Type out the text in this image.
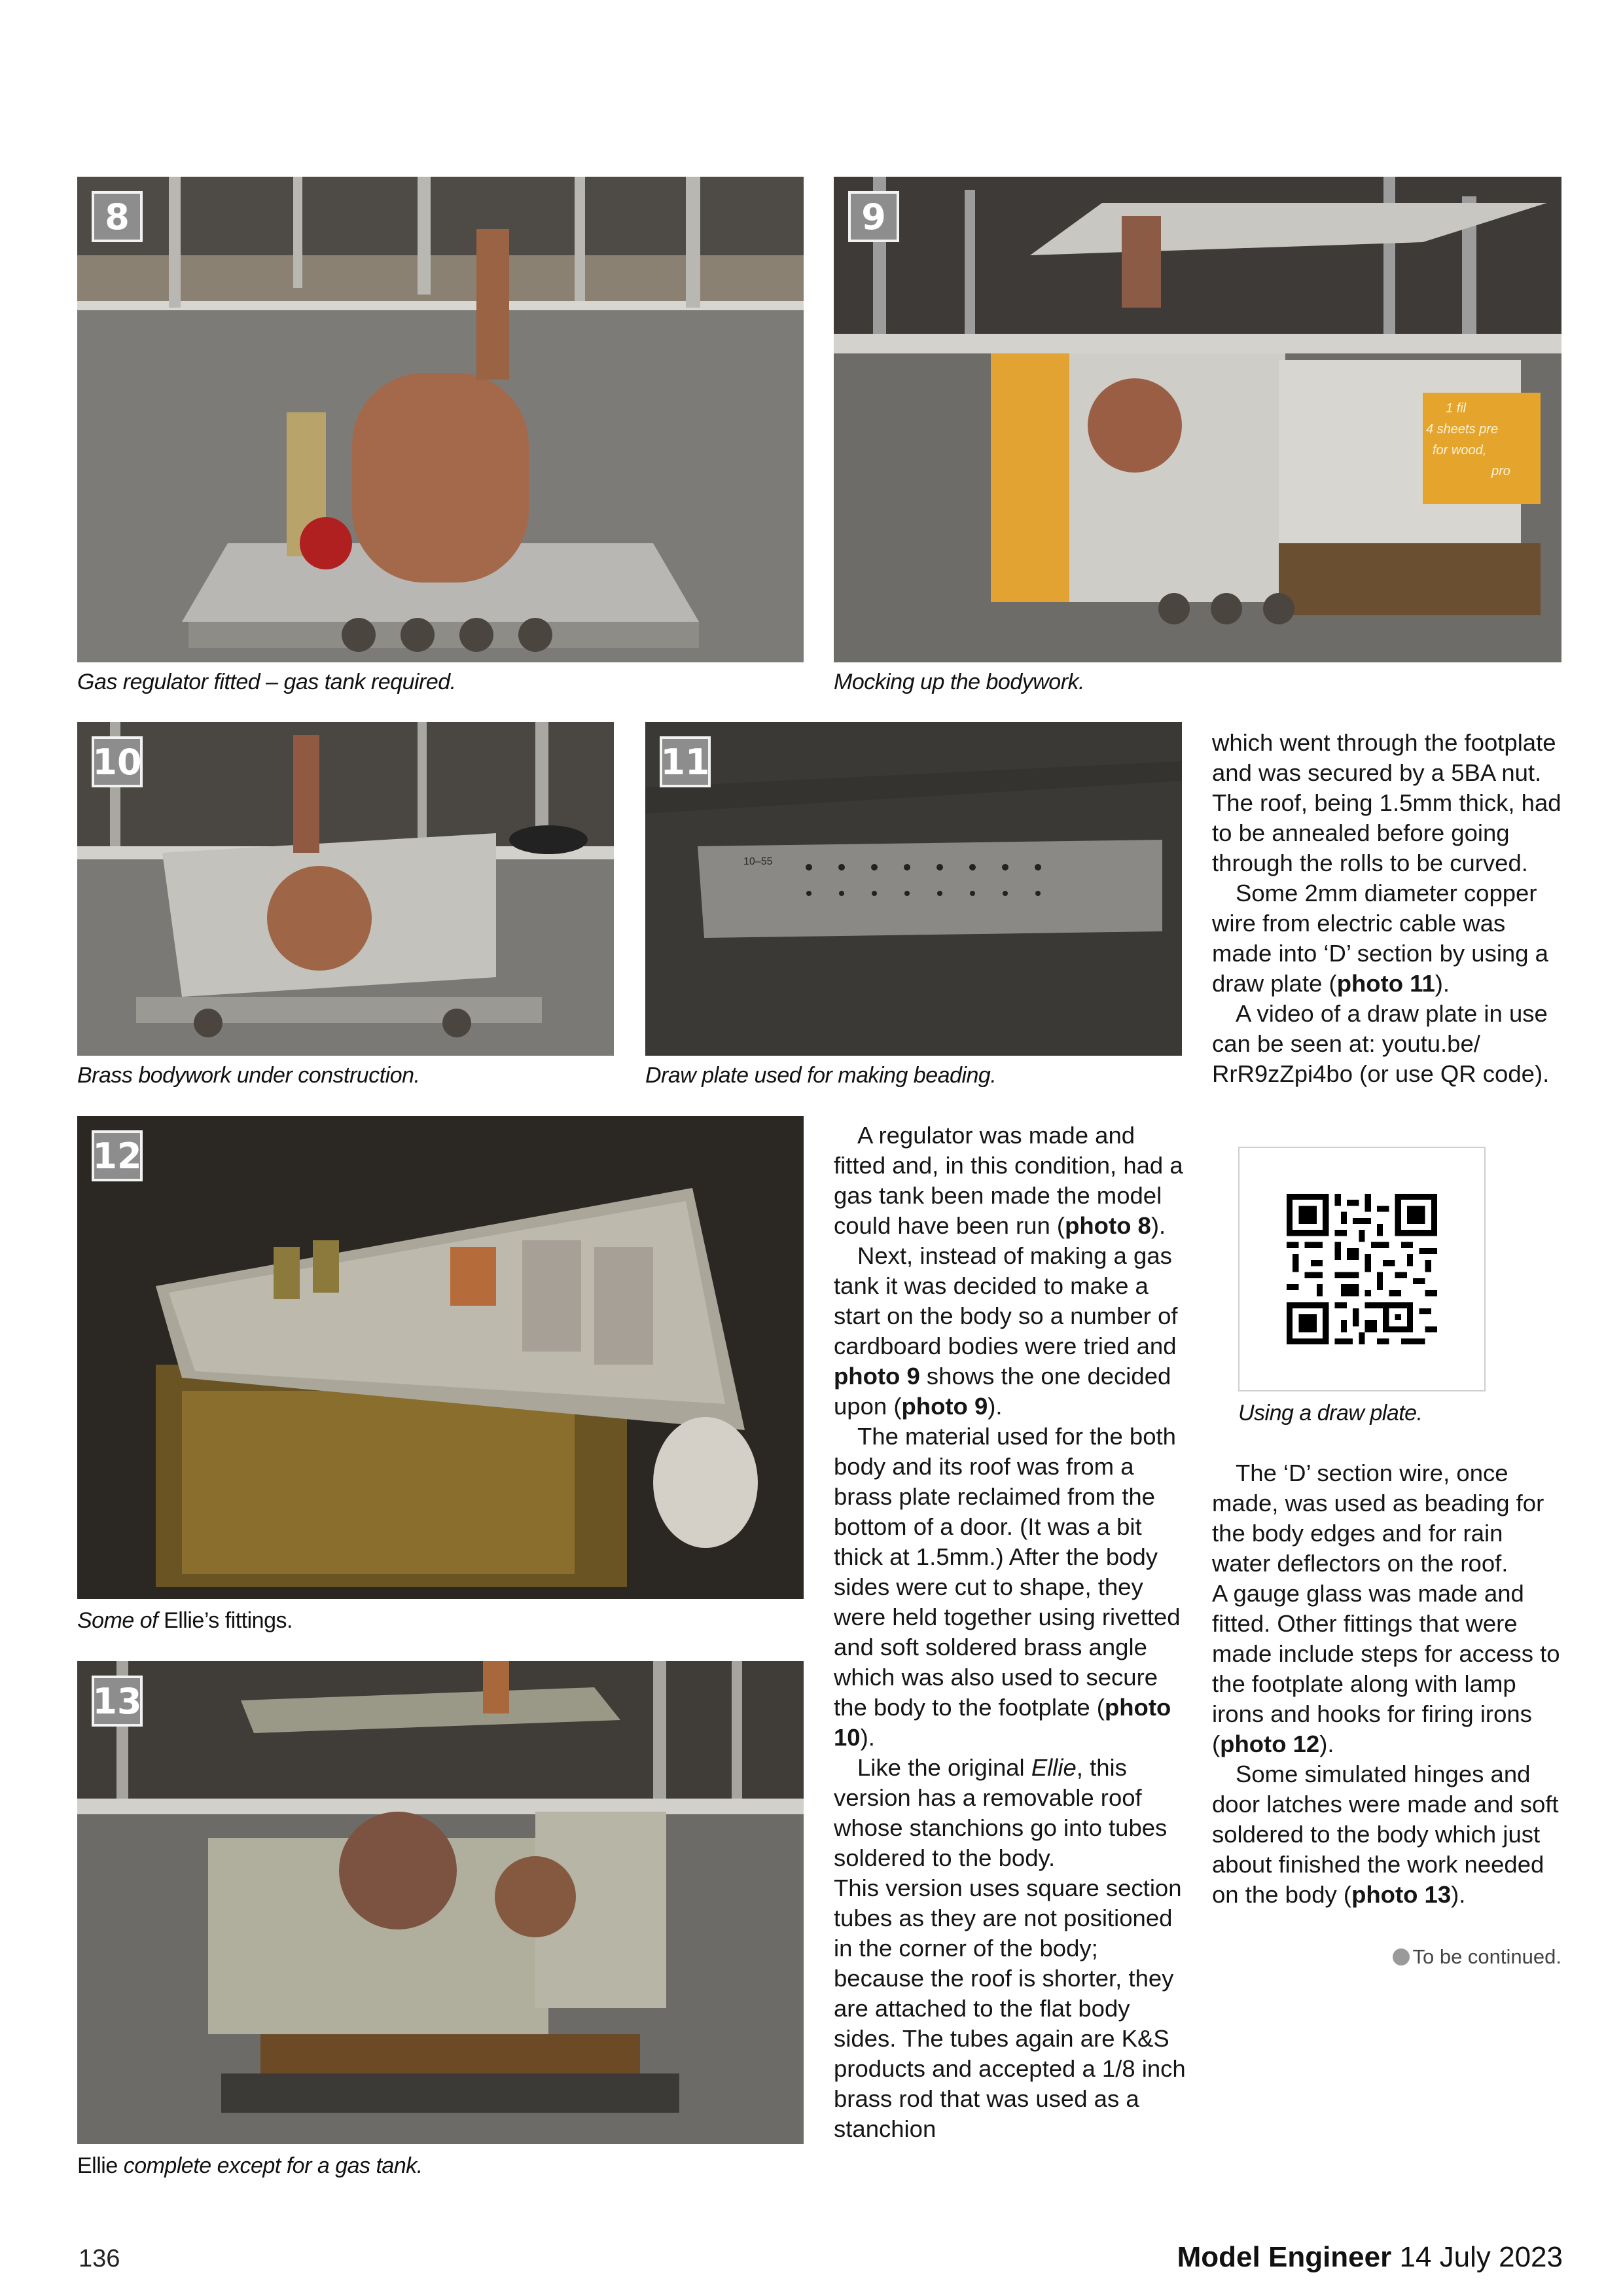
8
Gas regulator fitted – gas tank required.
1 fil
4 sheets pre
for wood,
pro
9
Mocking up the bodywork.
10
Brass bodywork under construction.
10–55
11
Draw plate used for making beading.
12
Some of Ellie’s fittings.
13
Ellie complete except for a gas tank.

A regulator was made and fitted and, in this condition, had a gas tank been made the model could have been run (photo 8).

Next, instead of making a gas tank it was decided to make a start on the body so a number of cardboard bodies were tried and photo 9 shows the one decided upon (photo 9).

The material used for the both body and its roof was from a brass plate reclaimed from the bottom of a door. (It was a bit thick at 1.5mm.) After the body sides were cut to shape, they were held together using rivetted and soft soldered brass angle which was also used to secure the body to the footplate (photo 10).

Like the original Ellie, this version has a removable roof whose stanchions go into tubes soldered to the body.

This version uses square section tubes as they are not positioned in the corner of the body; because the roof is shorter, they are attached to the flat body sides. The tubes again are K&S products and accepted a 1/8 inch brass rod that was used as a stanchion

which went through the footplate and was secured by a 5BA nut. The roof, being 1.5mm thick, had to be annealed before going through the rolls to be curved.

Some 2mm diameter copper wire from electric cable was made into ‘D’ section by using a draw plate (photo 11).

A video of a draw plate in use can be seen at: youtu.be/ RrR9zZpi4bo (or use QR code).

Using a draw plate.

The ‘D’ section wire, once made, was used as beading for the body edges and for rain water deflectors on the roof.

A gauge glass was made and fitted. Other fittings that were made include steps for access to the footplate along with lamp irons and hooks for firing irons (photo 12).

Some simulated hinges and door latches were made and soft soldered to the body which just about finished the work needed on the body (photo 13).

To be continued.
136	Model Engineer 14 July 2023
